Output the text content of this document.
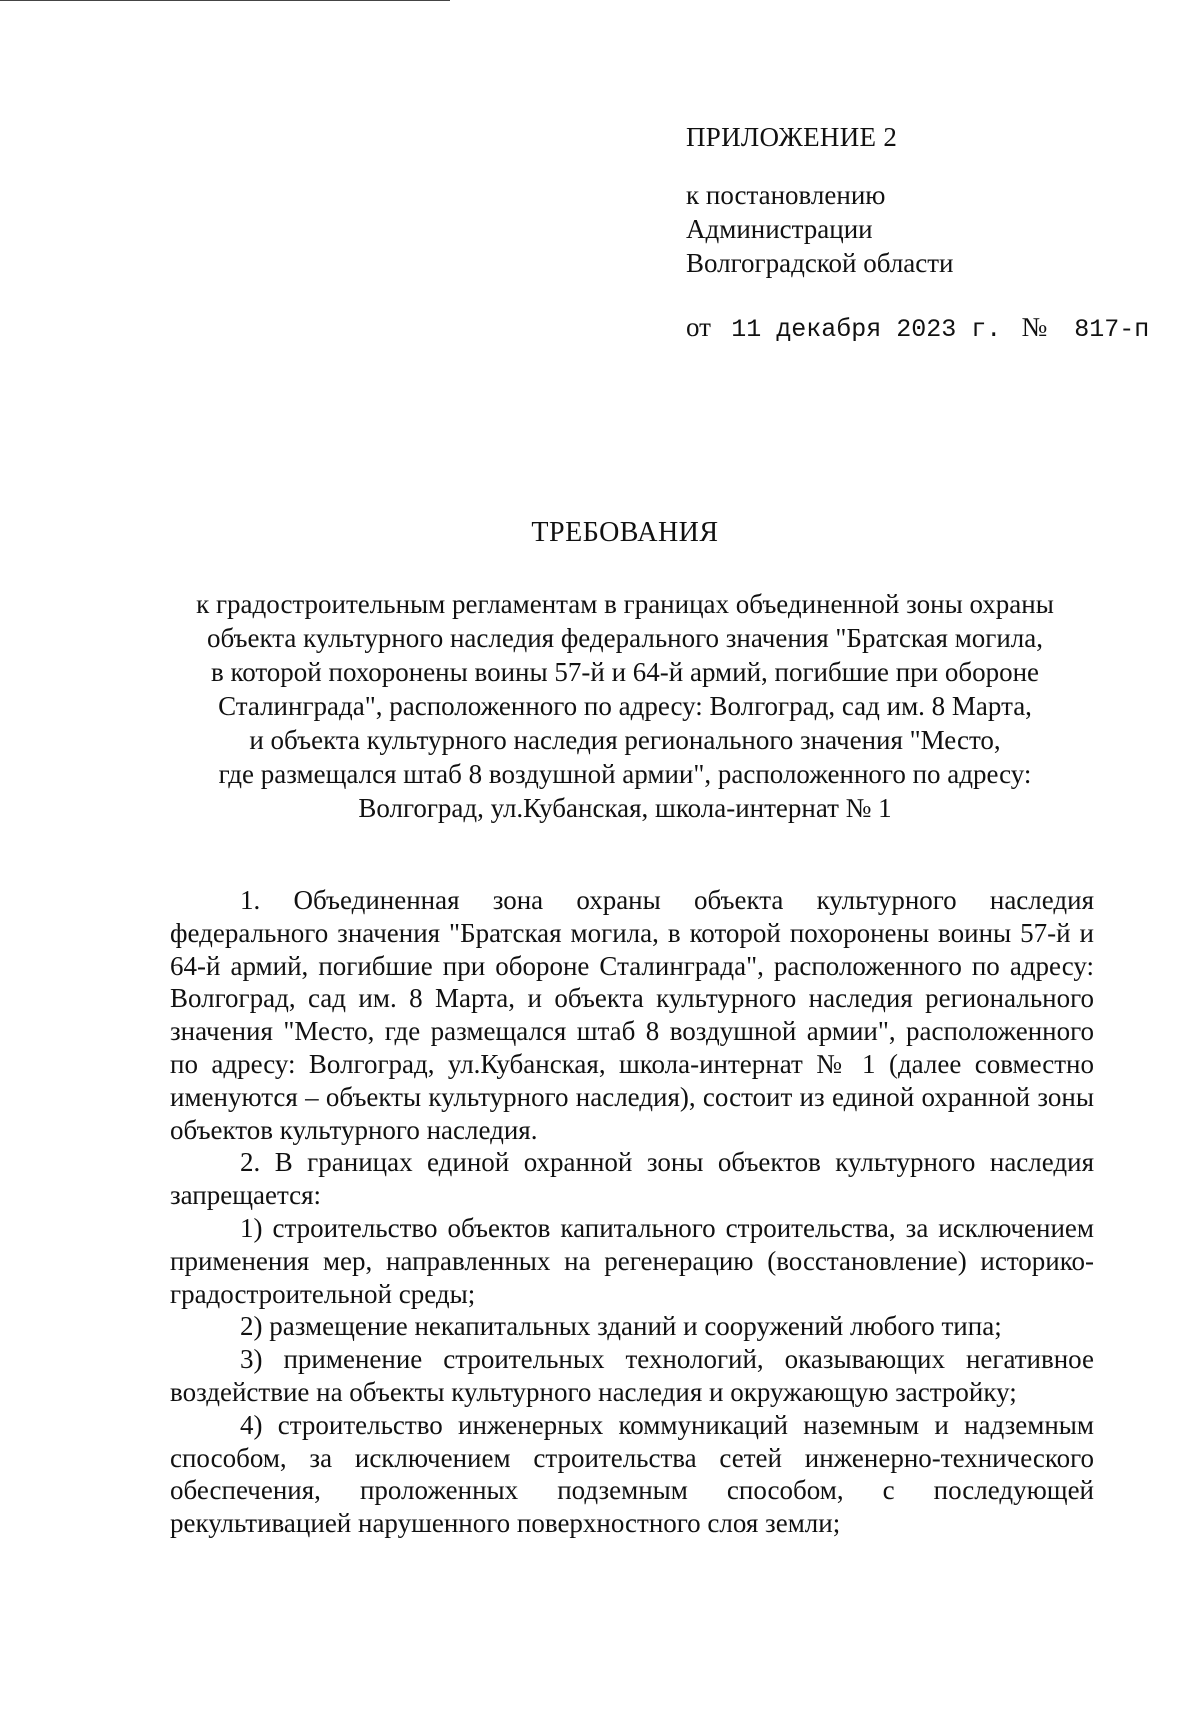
ПРИЛОЖЕНИЕ 2
к постановлению
Администрации
Волгоградской области
от 11 декабря 2023 г. № 817-п
ТРЕБОВАНИЯ
к градостроительным регламентам в границах объединенной зоны охраны
объекта культурного наследия федерального значения "Братская могила,
в которой похоронены воины 57-й и 64-й армий, погибшие при обороне
Сталинграда", расположенного по адресу: Волгоград, сад им. 8 Марта,
и объекта культурного наследия регионального значения "Место,
где размещался штаб 8 воздушной армии", расположенного по адресу:
Волгоград, ул.Кубанская, школа-интернат № 1

1. Объединенная зона охраны объекта культурного наследия федерального значения "Братская могила, в которой похоронены воины 57-й и 64-й армий, погибшие при обороне Сталинграда", расположенного по адресу: Волгоград, сад им. 8 Марта, и объекта культурного наследия регионального значения "Место, где размещался штаб 8 воздушной армии", расположенного по адресу: Волгоград, ул.Кубанская, школа-интернат № 1 (далее совместно именуются – объекты культурного наследия), состоит из единой охранной зоны объектов культурного наследия.

2. В границах единой охранной зоны объектов культурного наследия запрещается:

1) строительство объектов капитального строительства, за исключением применения мер, направленных на регенерацию (восстановление) историко-градостроительной среды;

2) размещение некапитальных зданий и сооружений любого типа;

3) применение строительных технологий, оказывающих негативное воздействие на объекты культурного наследия и окружающую застройку;

4) строительство инженерных коммуникаций наземным и надземным способом, за исключением строительства сетей инженерно-технического обеспечения, проложенных подземным способом, с последующей рекультивацией нарушенного поверхностного слоя земли;
